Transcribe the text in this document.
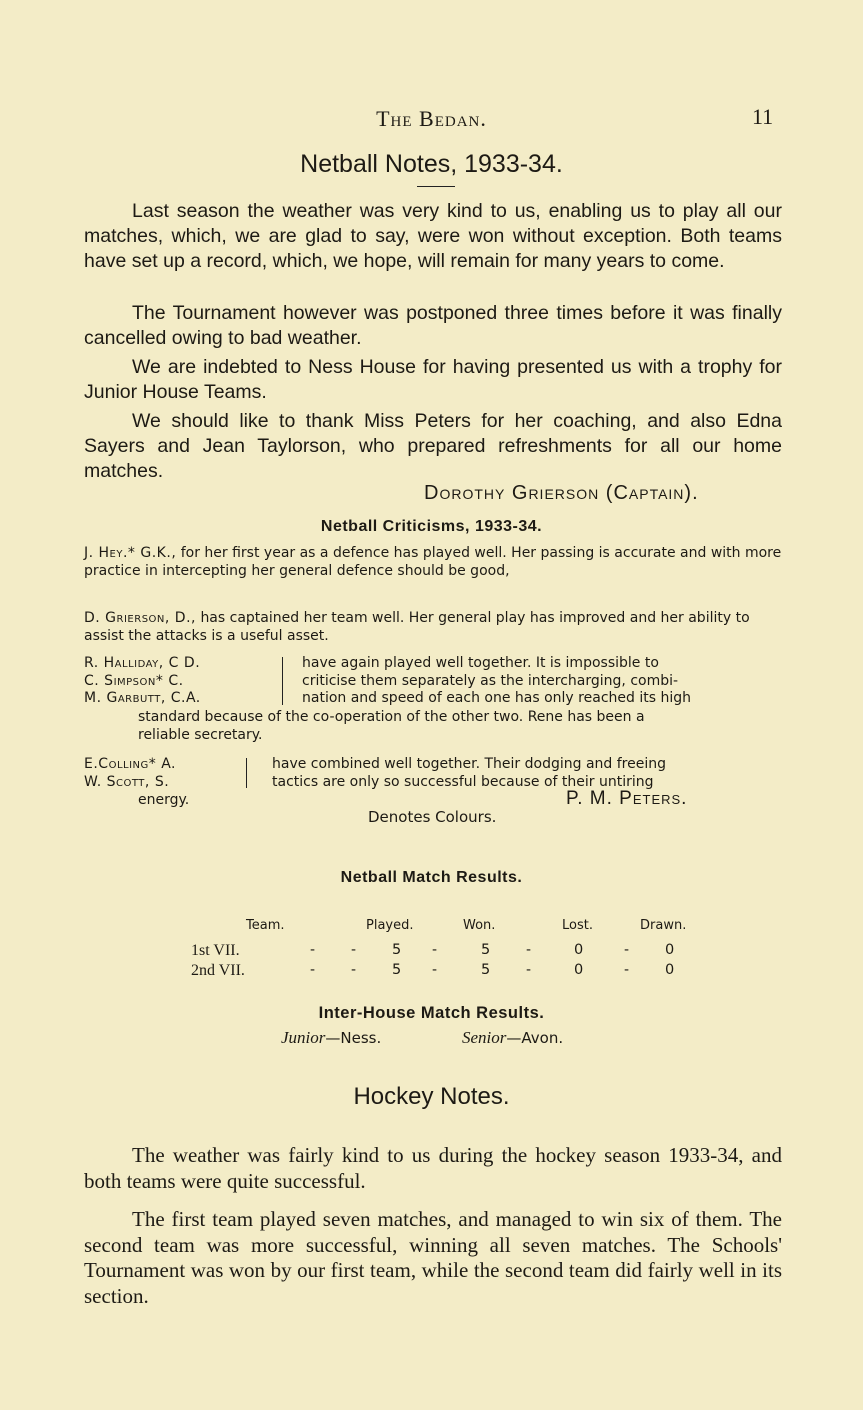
The Bedan.	11
Netball Notes, 1933-34.
Last season the weather was very kind to us, enabling us to play all our matches, which, we are glad to say, were won without exception. Both teams have set up a record, which, we hope, will remain for many years to come.
The Tournament however was postponed three times before it was finally cancelled owing to bad weather.
We are indebted to Ness House for having presented us with a trophy for Junior House Teams.
We should like to thank Miss Peters for her coaching, and also Edna Sayers and Jean Taylorson, who prepared refreshments for all our home matches.
Dorothy Grierson (Captain).
Netball Criticisms, 1933-34.
J. Hey.* G.K., for her first year as a defence has played well. Her passing is accurate and with more practice in intercepting her general defence should be good,
D. Grierson, D., has captained her team well. Her general play has improved and her ability to assist the attacks is a useful asset.
R. Halliday, C D.
C. Simpson* C.
M. Garbutt, C.A.
have again played well together. It is impossible to
criticise them separately as the intercharging, combi-
nation and speed of each one has only reached its high
standard because of the co-operation of the other two. Rene has been a
reliable secretary.
E.Colling* A.
W. Scott, S.
have combined well together. Their dodging and freeing
tactics are only so successful because of their untiring
energy.	P. M. Peters.
Denotes Colours.
Netball Match Results.
Team.	Played.	Won.	Lost.	Drawn.
1st VII.	-	- 5 -	5	-	0	- 0
2nd VII.	-	- 5 -	5	-	0	- 0
Inter-House Match Results.
Junior—Ness.	Senior—Avon.
Hockey Notes.
The weather was fairly kind to us during the hockey season 1933-34, and both teams were quite successful.
The first team played seven matches, and managed to win six of them. The second team was more successful, winning all seven matches. The Schools' Tournament was won by our first team, while the second team did fairly well in its section.
